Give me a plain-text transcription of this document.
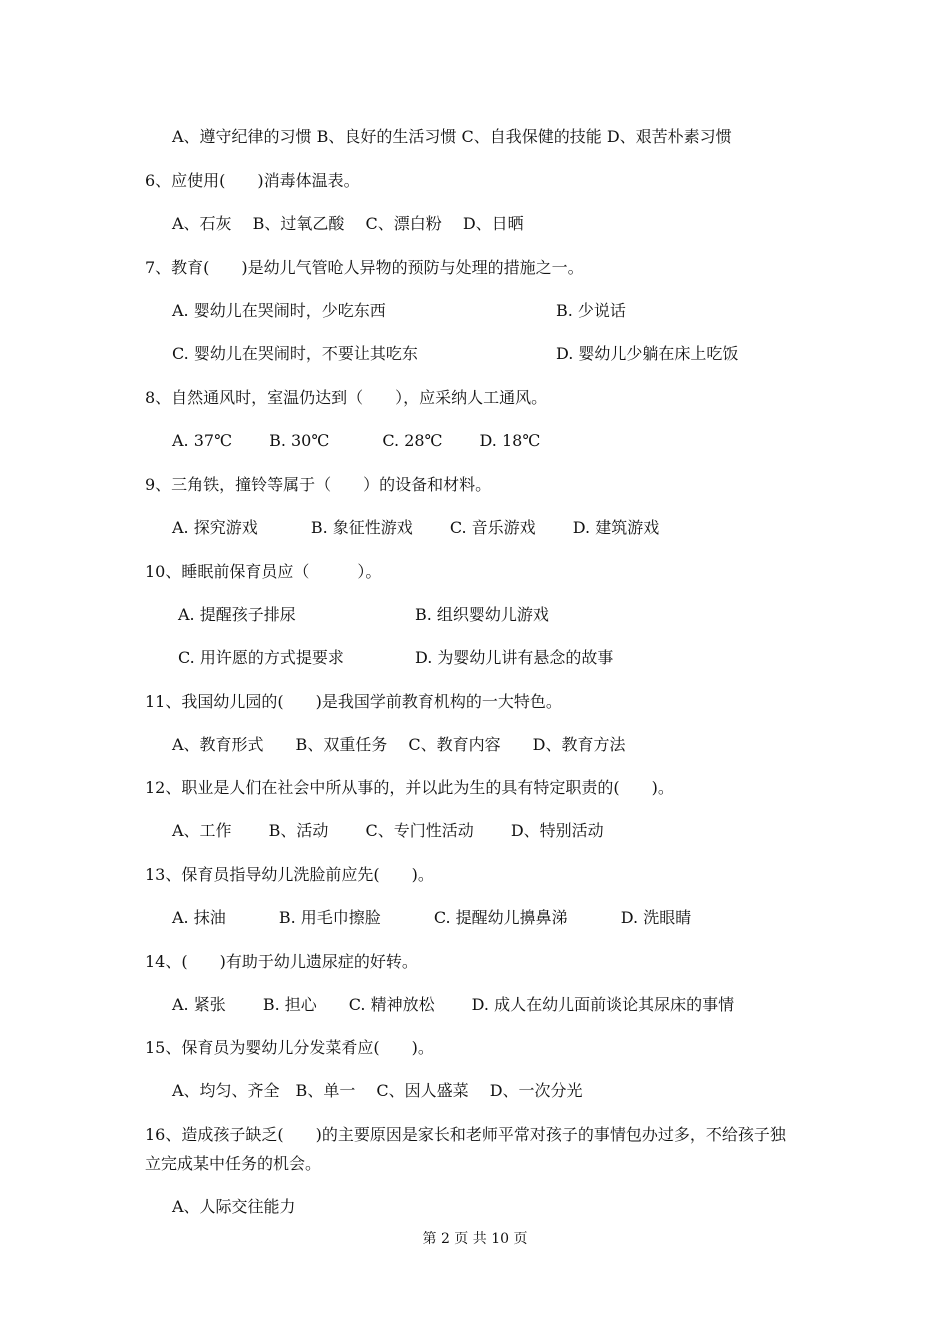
A、遵守纪律的习惯 B、良好的生活习惯 C、自我保健的技能 D、艰苦朴素习惯
6、应使用(　　)消毒体温表。
A、石灰　 B、过氧乙酸　 C、漂白粉　 D、日晒
7、教育(　　)是幼儿气管呛人异物的预防与处理的措施之一。
A. 婴幼儿在哭闹时，少吃东西	B. 少说话
C. 婴幼儿在哭闹时，不要让其吃东	D. 婴幼儿少躺在床上吃饭
8、自然通风时，室温仍达到（　　），应采纳人工通风。
A. 37℃　　 B. 30℃　　　 C. 28℃　　 D. 18℃
9、三角铁，撞铃等属于（　　）的设备和材料。
A. 探究游戏　　　 B. 象征性游戏　　 C. 音乐游戏　　 D. 建筑游戏
10、睡眠前保育员应（　　　）。
A. 提醒孩子排尿	B. 组织婴幼儿游戏
C. 用许愿的方式提要求	D. 为婴幼儿讲有悬念的故事
11、我国幼儿园的(　　)是我国学前教育机构的一大特色。
A、教育形式　　B、双重任务　 C、教育内容　　D、教育方法
12、职业是人们在社会中所从事的，并以此为生的具有特定职责的(　　)。
A、工作　　 B、活动　　 C、专门性活动　　 D、特别活动
13、保育员指导幼儿洗脸前应先(　　)。
A. 抹油　　　 B. 用毛巾擦脸　　　 C. 提醒幼儿擤鼻涕　　　 D. 洗眼睛
14、(　　)有助于幼儿遗尿症的好转。
A. 紧张　　 B. 担心　　C. 精神放松　　 D. 成人在幼儿面前谈论其尿床的事情
15、保育员为婴幼儿分发菜肴应(　　)。
A、均匀、齐全　B、单一　 C、因人盛菜　 D、一次分光
16、造成孩子缺乏(　　)的主要原因是家长和老师平常对孩子的事情包办过多，不给孩子独
立完成某中任务的机会。
A、人际交往能力
第 2 页 共 10 页
